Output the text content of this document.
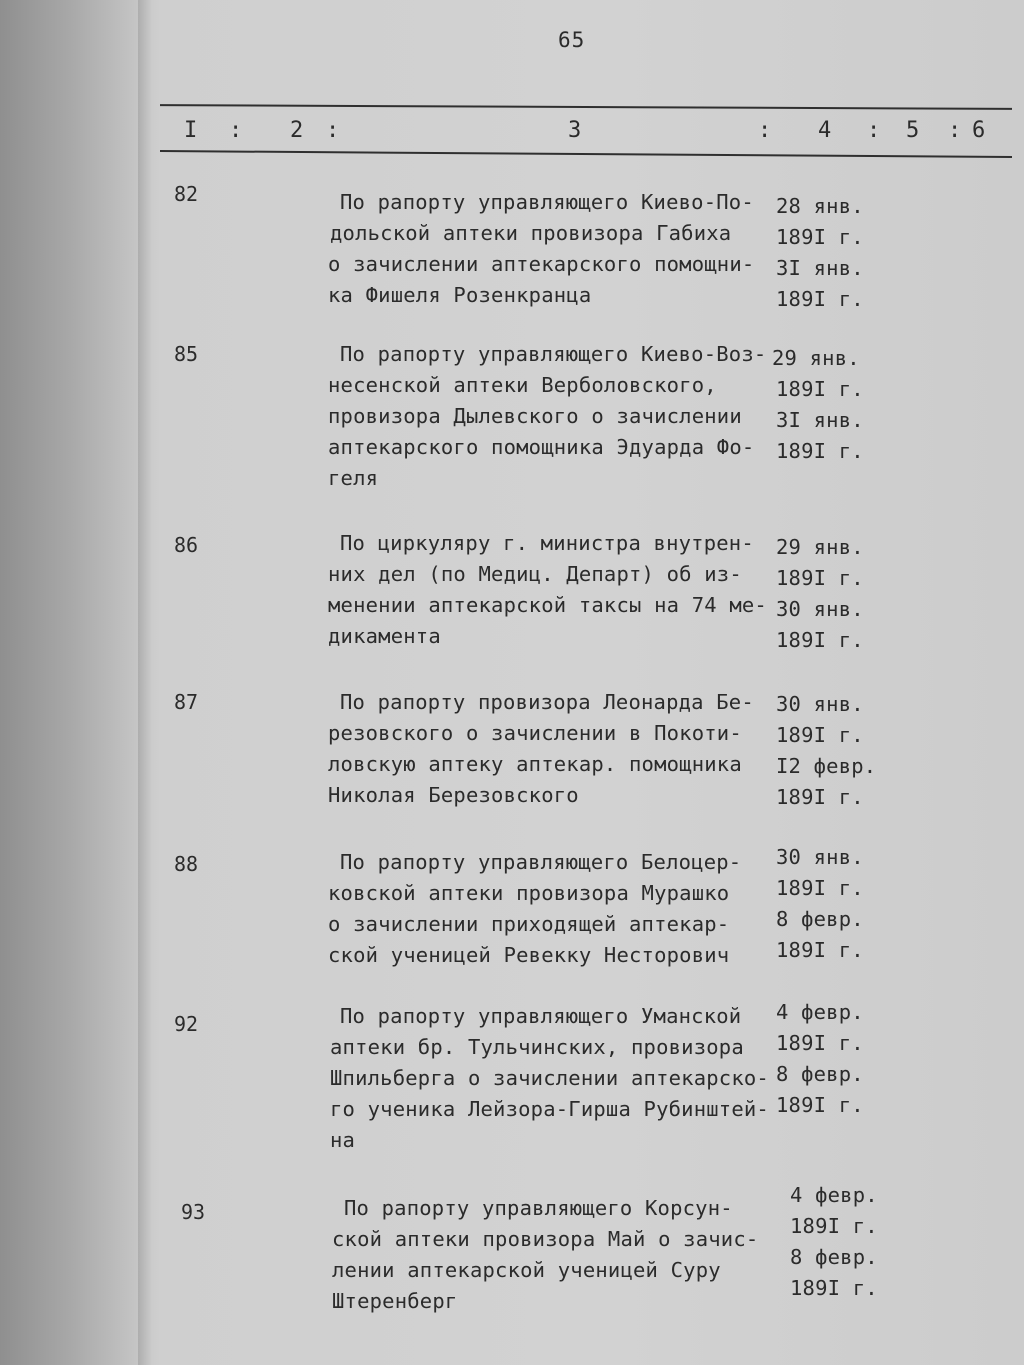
65
I : 2 :	3	: 4 : 5 : 6
82	По рапорту управляющего Киево-По-
дольской аптеки провизора Габиха
о зачислении аптекарского помощни-
ка Фишеля Розенкранца
28 янв.
189I г.
3I янв.
189I г.
85	По рапорту управляющего Киево-Воз-
несенской аптеки Верболовского,
провизора Дылевского о зачислении
аптекарского помощника Эдуарда Фо-
геля
29 янв.
189I г.
3I янв.
189I г.
86	По циркуляру г. министра внутрен-
них дел (по Медиц. Департ) об из-
менении аптекарской таксы на 74 ме-
дикамента
29 янв.
189I г.
30 янв.
189I г.
87	По рапорту провизора Леонарда Бе-
резовского о зачислении в Покоти-
ловскую аптеку аптекар. помощника
Николая Березовского
30 янв.
189I г.
I2 февр.
189I г.
88	По рапорту управляющего Белоцер-
ковской аптеки провизора Мурашко
о зачислении приходящей аптекар-
ской ученицей Ревекку Несторович
30 янв.
189I г.
8 февр.
189I г.
92	По рапорту управляющего Уманской
аптеки бр. Тульчинских, провизора
Шпильберга о зачислении аптекарско-
го ученика Лейзора-Гирша Рубинштей-
на
4 февр.
189I г.
8 февр.
189I г.
93	По рапорту управляющего Корсун-
ской аптеки провизора Май о зачис-
лении аптекарской ученицей Суру
Штеренберг
4 февр.
189I г.
8 февр.
189I г.
